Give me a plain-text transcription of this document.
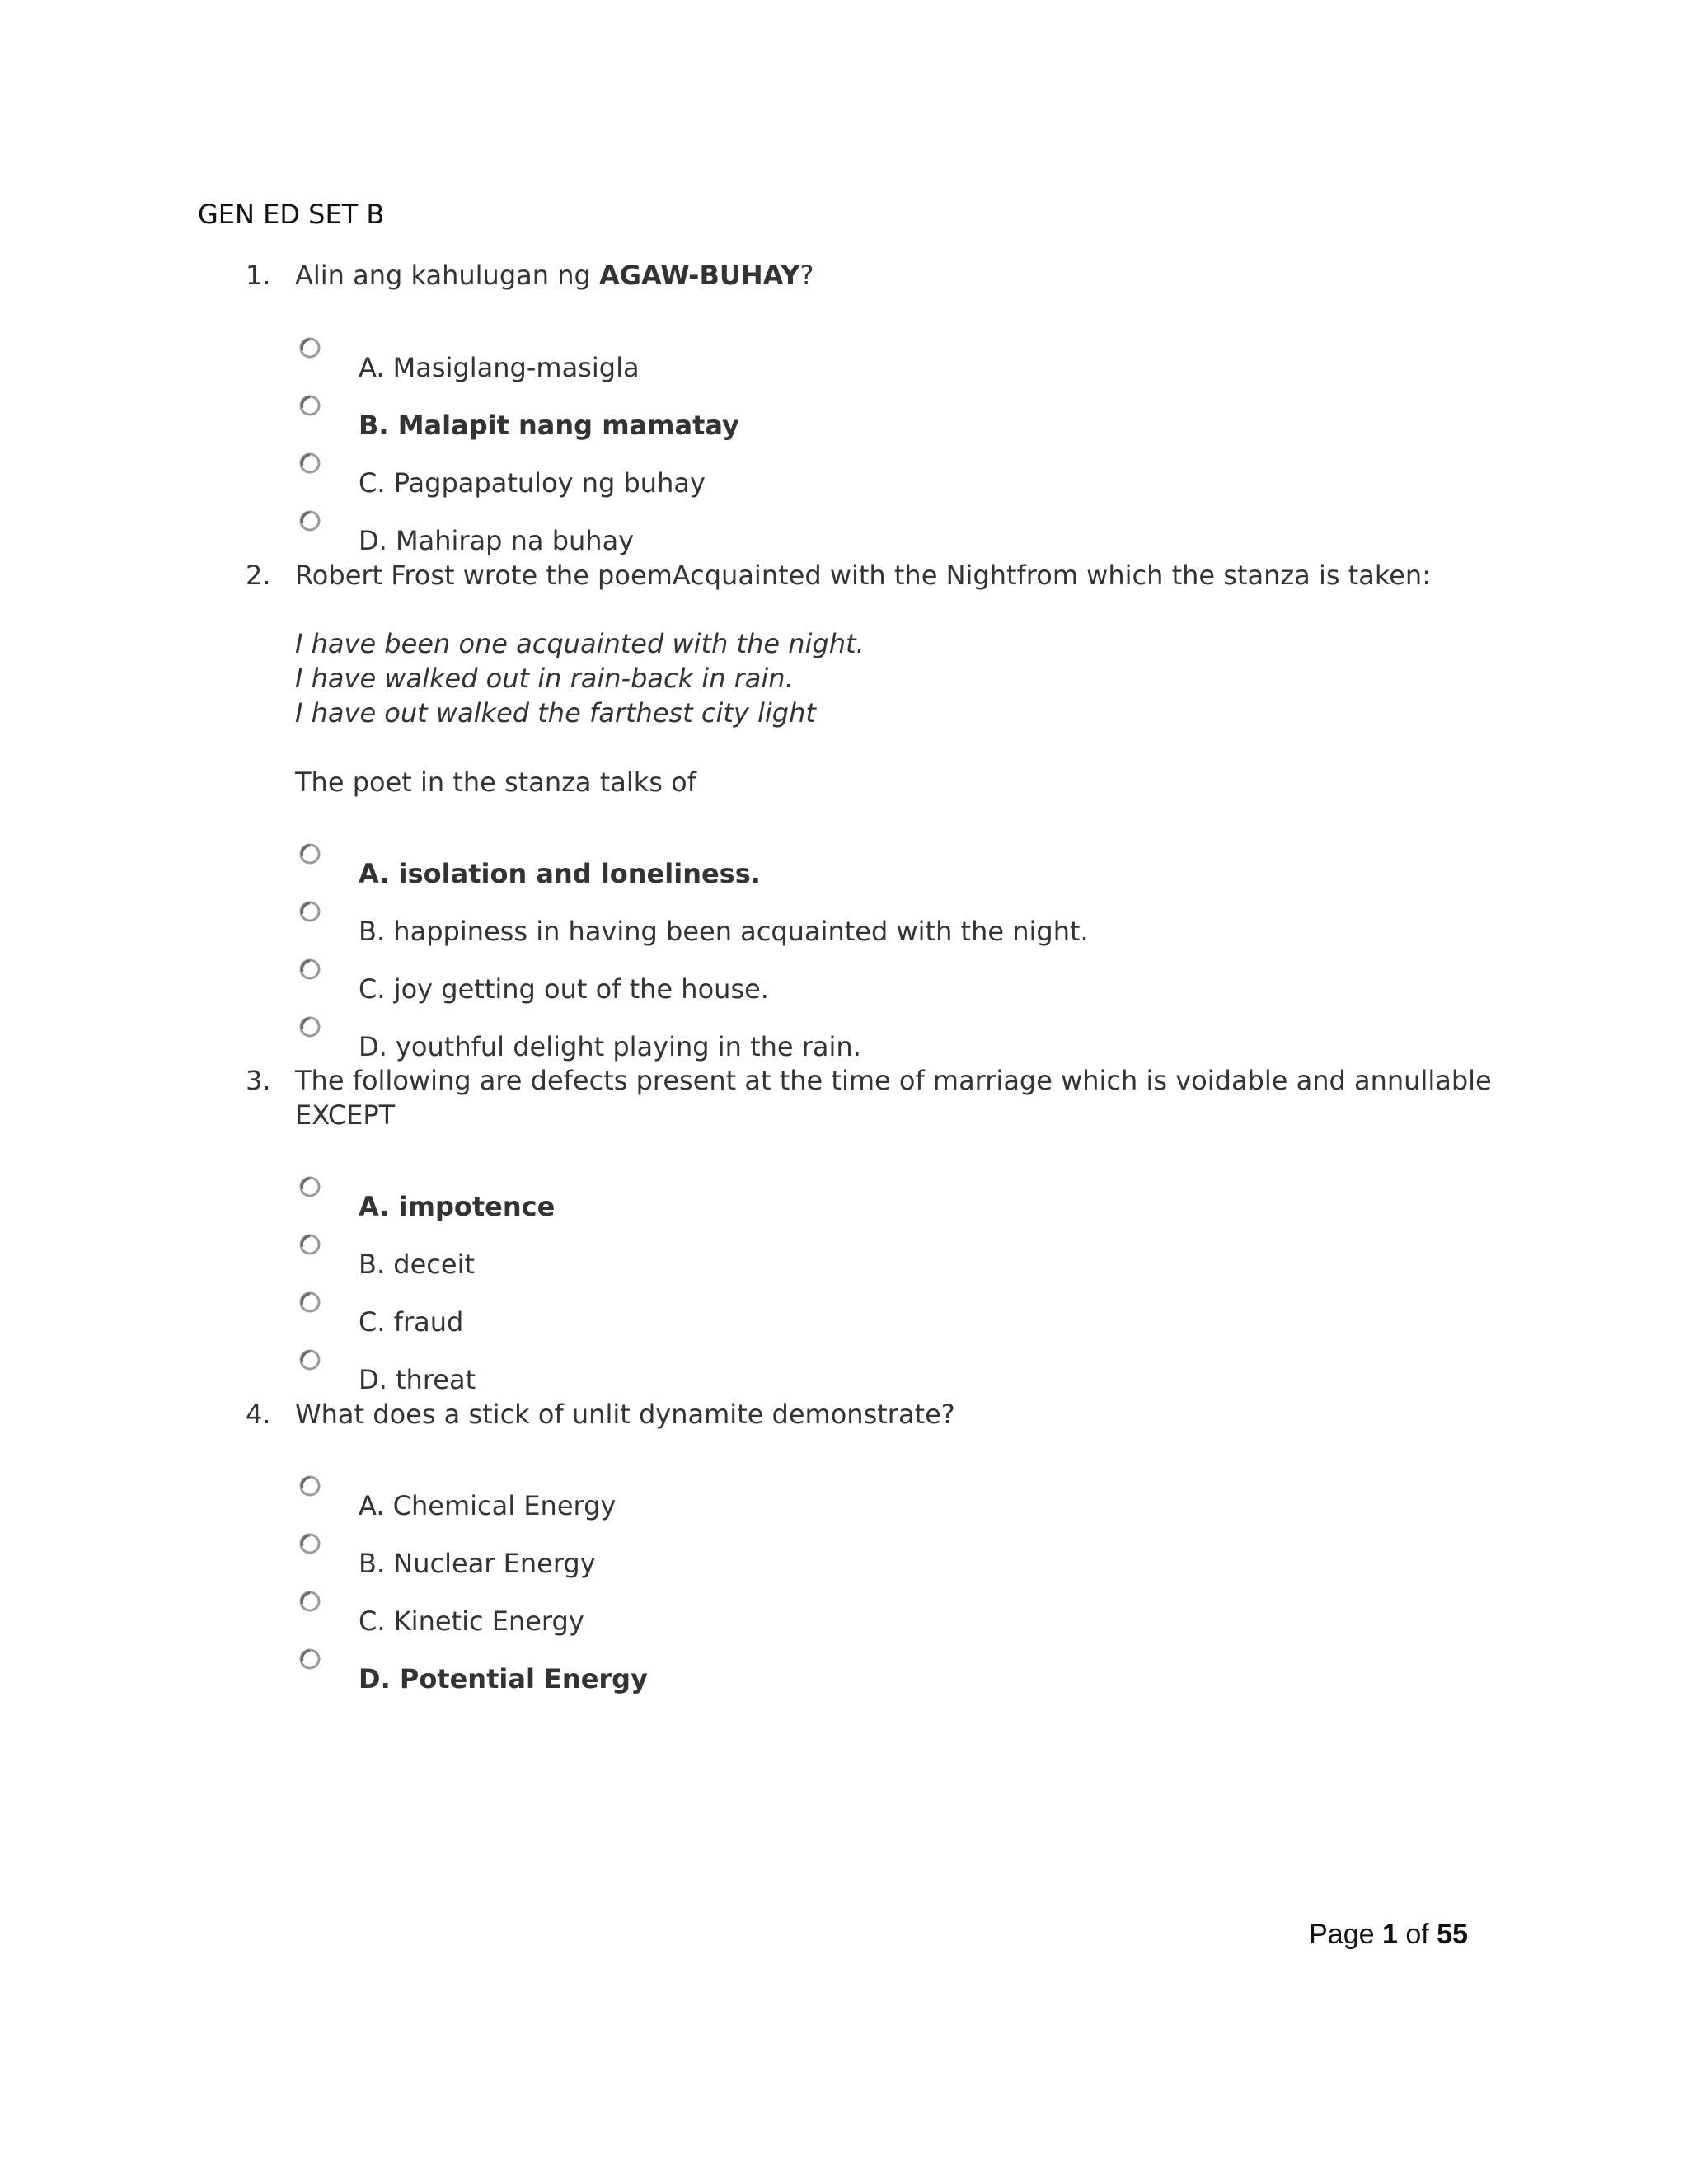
GEN ED SET B
1. Alin ang kahulugan ng AGAW-BUHAY?
A. Masiglang-masigla
B. Malapit nang mamatay
C. Pagpapatuloy ng buhay
D. Mahirap na buhay
2. Robert Frost wrote the poemAcquainted with the Nightfrom which the stanza is taken:
I have been one acquainted with the night.
I have walked out in rain-back in rain.
I have out walked the farthest city light
The poet in the stanza talks of
A. isolation and loneliness.
B. happiness in having been acquainted with the night.
C. joy getting out of the house.
D. youthful delight playing in the rain.
3. The following are defects present at the time of marriage which is voidable and annullable
EXCEPT
A. impotence
B. deceit
C. fraud
D. threat
4. What does a stick of unlit dynamite demonstrate?
A. Chemical Energy
B. Nuclear Energy
C. Kinetic Energy
D. Potential Energy
Page 1 of 55
